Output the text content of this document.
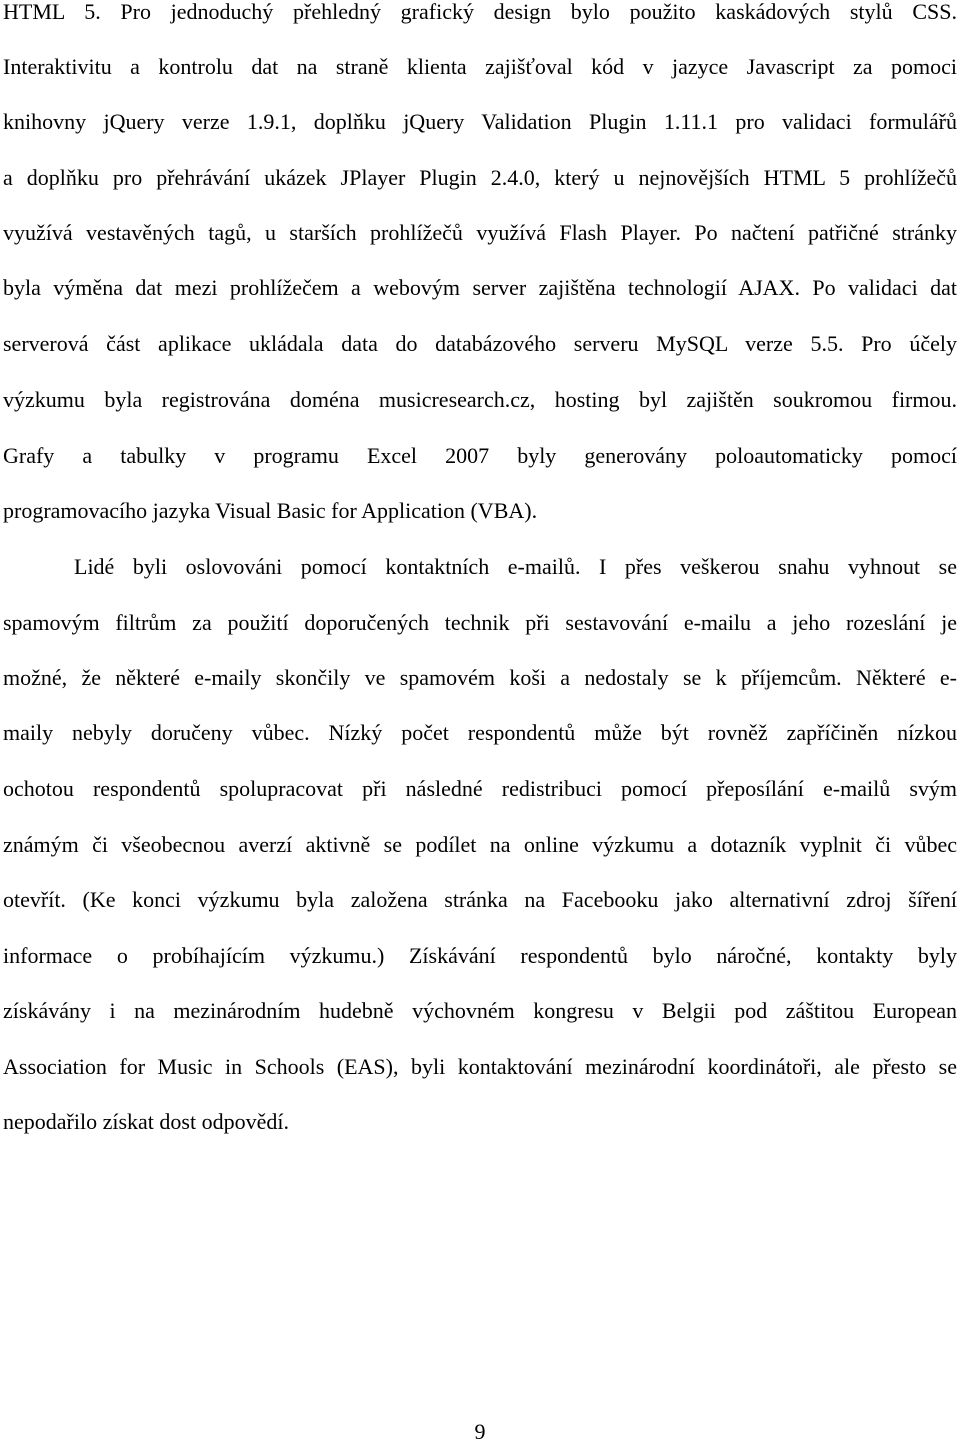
HTML 5. Pro jednoduchý přehledný grafický design bylo použito kaskádových stylů CSS.
Interaktivitu a kontrolu dat na straně klienta zajišťoval kód v jazyce Javascript za pomoci
knihovny jQuery verze 1.9.1, doplňku jQuery Validation Plugin 1.11.1 pro validaci formulářů
a doplňku pro přehrávání ukázek JPlayer Plugin 2.4.0, který u nejnovějších HTML 5 prohlížečů
využívá vestavěných tagů, u starších prohlížečů využívá Flash Player. Po načtení patřičné stránky
byla výměna dat mezi prohlížečem a webovým server zajištěna technologií AJAX. Po validaci dat
serverová část aplikace ukládala data do databázového serveru MySQL verze 5.5. Pro účely
výzkumu byla registrována doména musicresearch.cz, hosting byl zajištěn soukromou firmou.
Grafy a tabulky v programu Excel 2007 byly generovány poloautomaticky pomocí
programovacího jazyka Visual Basic for Application (VBA).
Lidé byli oslovováni pomocí kontaktních e-mailů. I přes veškerou snahu vyhnout se
spamovým filtrům za použití doporučených technik při sestavování e-mailu a jeho rozeslání je
možné, že některé e-maily skončily ve spamovém koši a nedostaly se k příjemcům. Některé e-
maily nebyly doručeny vůbec. Nízký počet respondentů může být rovněž zapříčiněn nízkou
ochotou respondentů spolupracovat při následné redistribuci pomocí přeposílání e-mailů svým
známým či všeobecnou averzí aktivně se podílet na online výzkumu a dotazník vyplnit či vůbec
otevřít. (Ke konci výzkumu byla založena stránka na Facebooku jako alternativní zdroj šíření
informace o probíhajícím výzkumu.) Získávání respondentů bylo náročné, kontakty byly
získávány i na mezinárodním hudebně výchovném kongresu v Belgii pod záštitou European
Association for Music in Schools (EAS), byli kontaktování mezinárodní koordinátoři, ale přesto se
nepodařilo získat dost odpovědí.
9
